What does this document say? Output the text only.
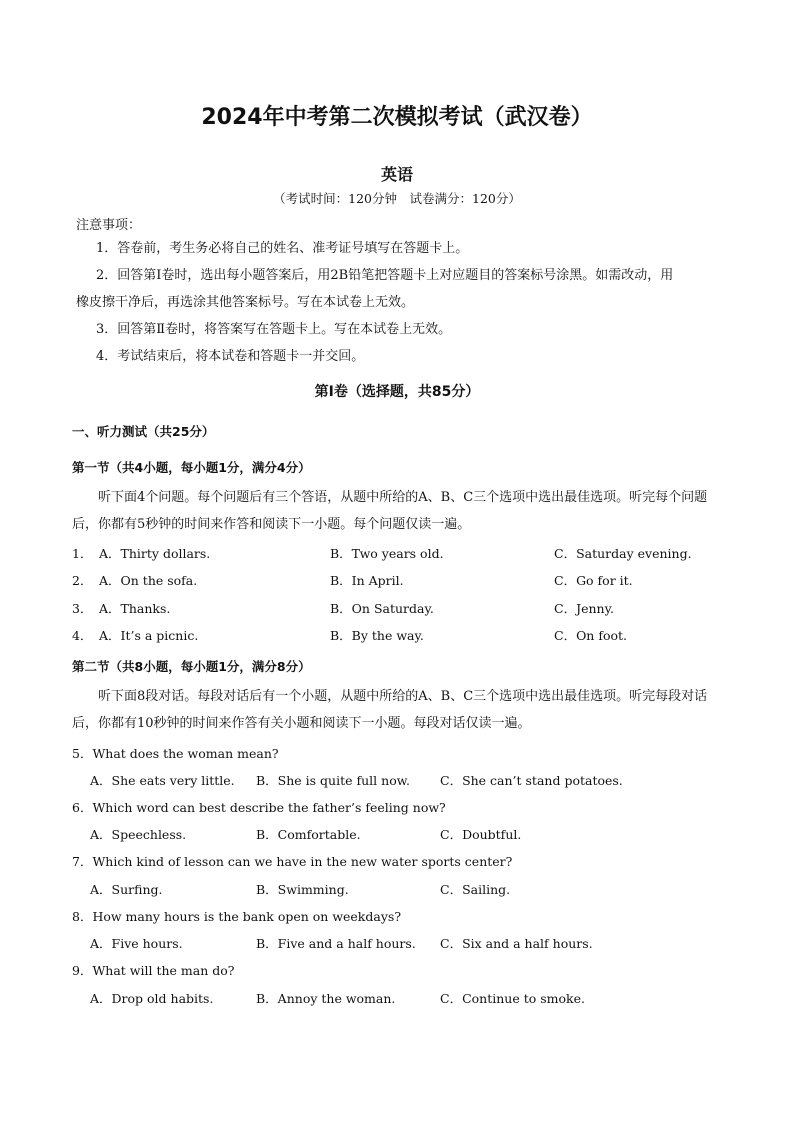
2024年中考第二次模拟考试（武汉卷）
英语
（考试时间：120分钟　试卷满分：120分）
注意事项：
1．答卷前，考生务必将自己的姓名、准考证号填写在答题卡上。
2．回答第Ⅰ卷时，选出每小题答案后，用2B铅笔把答题卡上对应题目的答案标号涂黑。如需改动，用
橡皮擦干净后，再选涂其他答案标号。写在本试卷上无效。
3．回答第Ⅱ卷时，将答案写在答题卡上。写在本试卷上无效。
4．考试结束后，将本试卷和答题卡一并交回。
第Ⅰ卷（选择题，共85分）
一、听力测试（共25分）
第一节（共4小题，每小题1分，满分4分）
听下面4个问题。每个问题后有三个答语，从题中所给的A、B、C三个选项中选出最佳选项。听完每个问题后，你都有5秒钟的时间来作答和阅读下一小题。每个问题仅读一遍。
1． A．Thirty dollars.	B．Two years old.	C．Saturday evening.
2． A．On the sofa.	B．In April.	C．Go for it.
3． A．Thanks.	B．On Saturday.	C．Jenny.
4． A．It’s a picnic.	B．By the way.	C．On foot.
第二节（共8小题，每小题1分，满分8分）
听下面8段对话。每段对话后有一个小题，从题中所给的A、B、C三个选项中选出最佳选项。听完每段对话后，你都有10秒钟的时间来作答有关小题和阅读下一小题。每段对话仅读一遍。
5．What does the woman mean?
A．She eats very little. B．She is quite full now. C．She can’t stand potatoes.
6．Which word can best describe the father’s feeling now?
A．Speechless.	B．Comfortable.	C．Doubtful.
7．Which kind of lesson can we have in the new water sports center?
A．Surfing.	B．Swimming.	C．Sailing.
8．How many hours is the bank open on weekdays?
A．Five hours.	B．Five and a half hours. C．Six and a half hours.
9．What will the man do?
A．Drop old habits.	B．Annoy the woman.	C．Continue to smoke.
